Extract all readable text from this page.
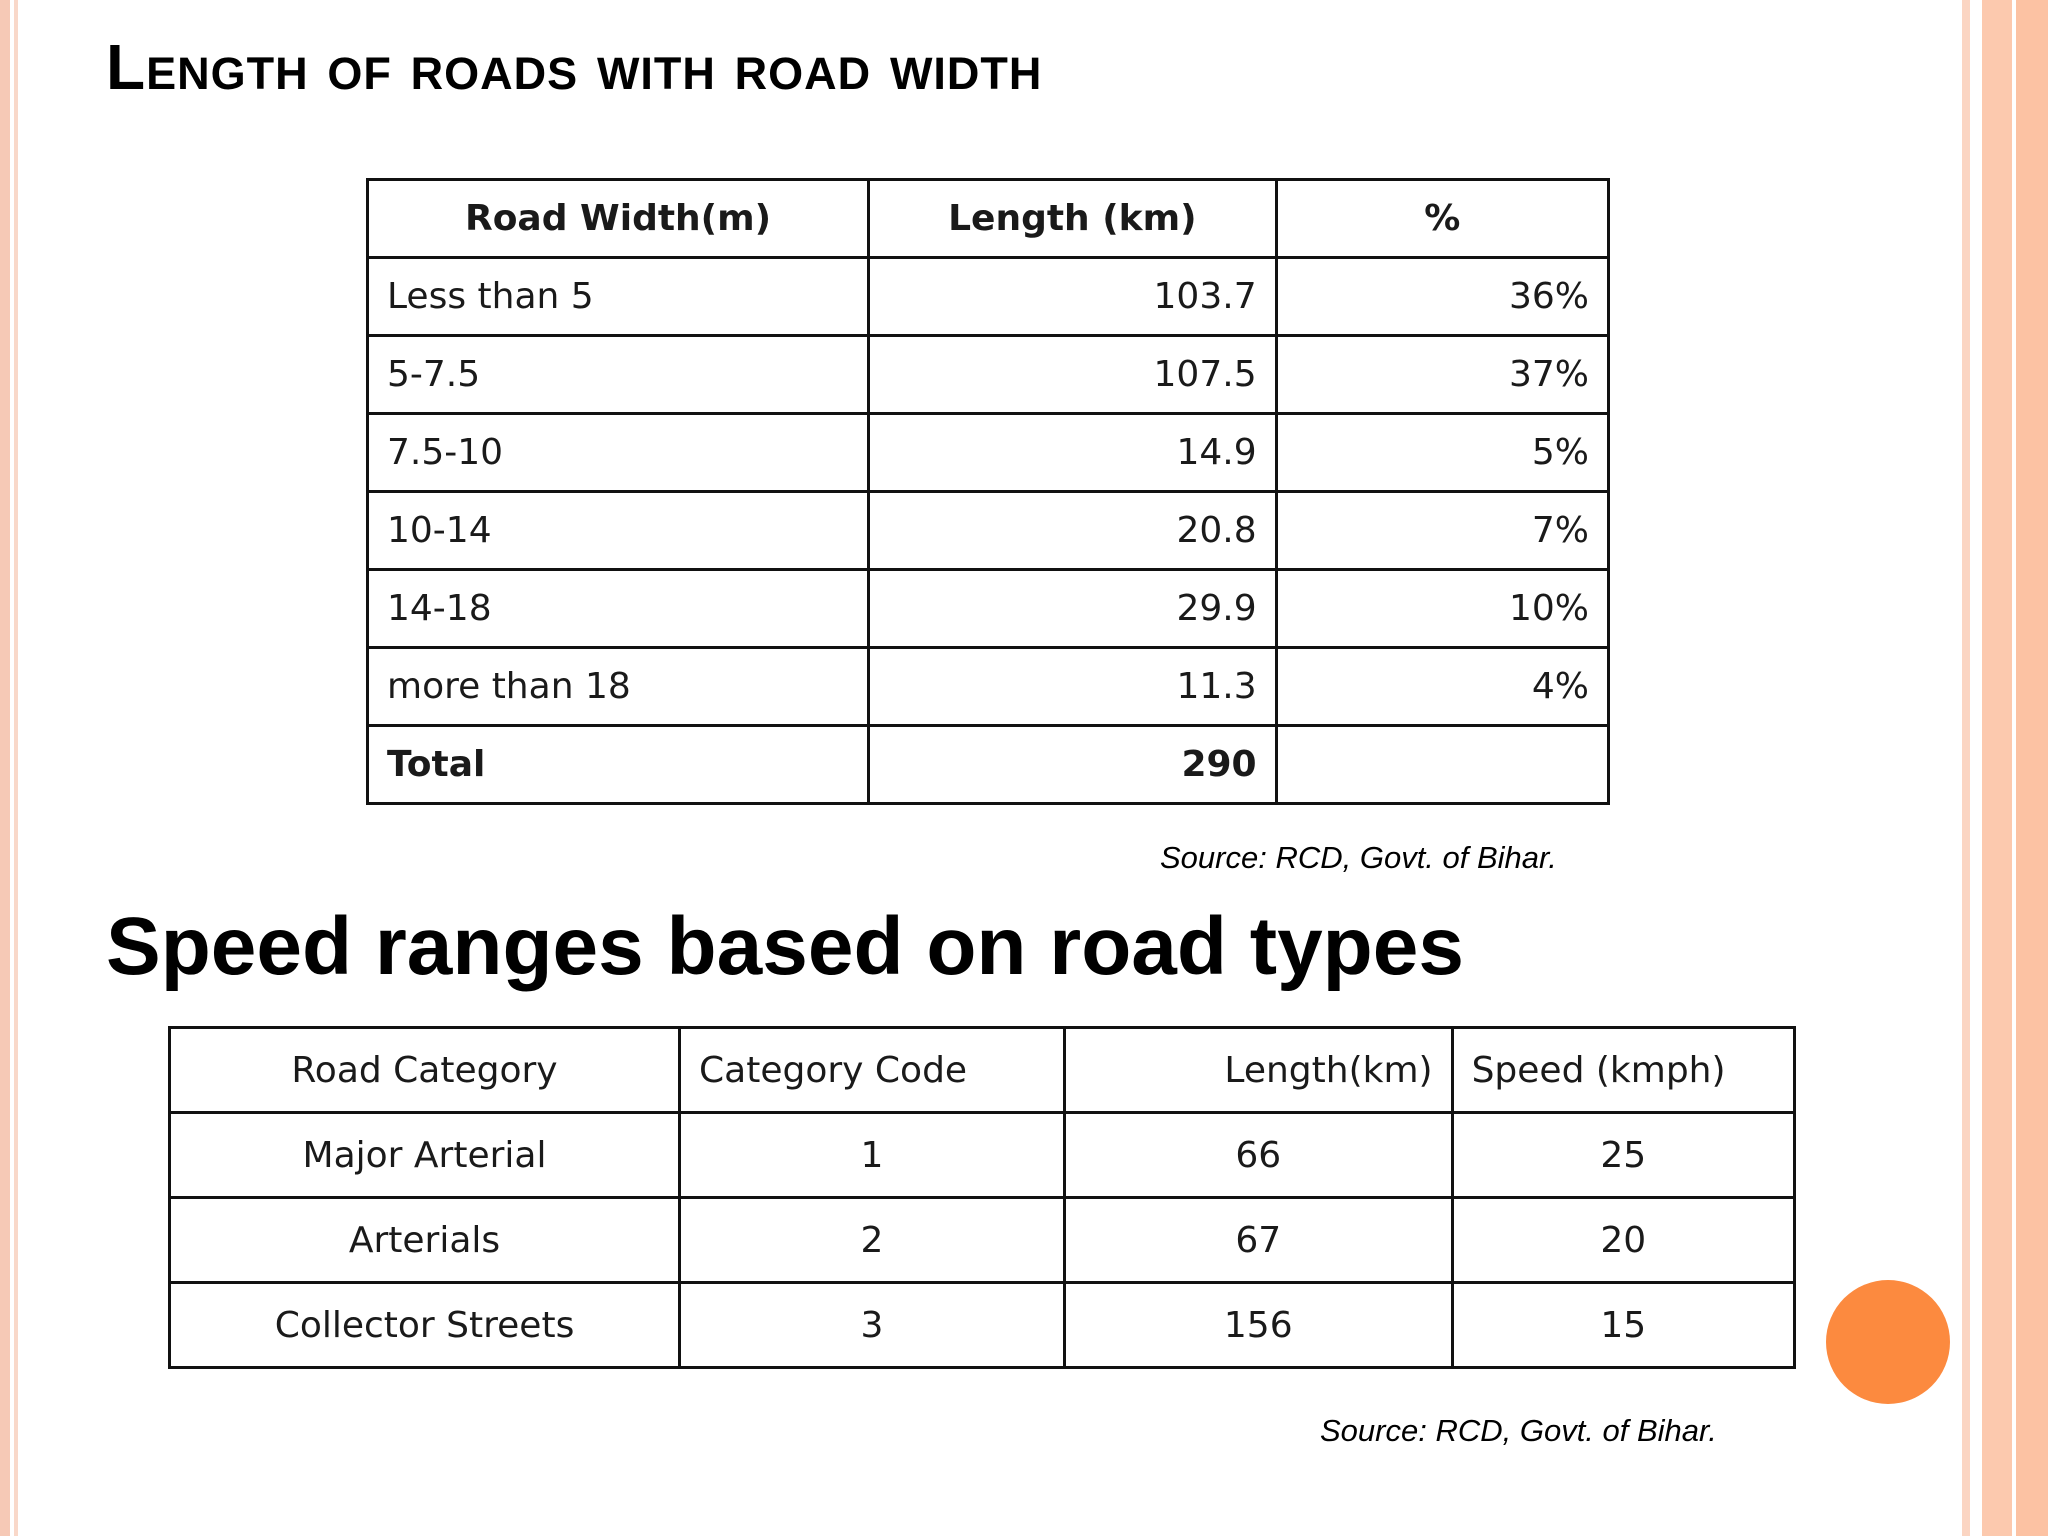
Length of roads with road width
Road Width(m)	Length (km)	%
Less than 5	103.7	36%
5-7.5	107.5	37%
7.5-10	14.9	5%
10-14	20.8	7%
14-18	29.9	10%
more than 18	11.3	4%
Total	290	
Source: RCD, Govt. of Bihar.
Speed ranges based on road types
Road Category	Category Code	Length(km)	Speed (kmph)
Major Arterial	1	66	25
Arterials	2	67	20
Collector Streets	3	156	15
Source: RCD, Govt. of Bihar.
